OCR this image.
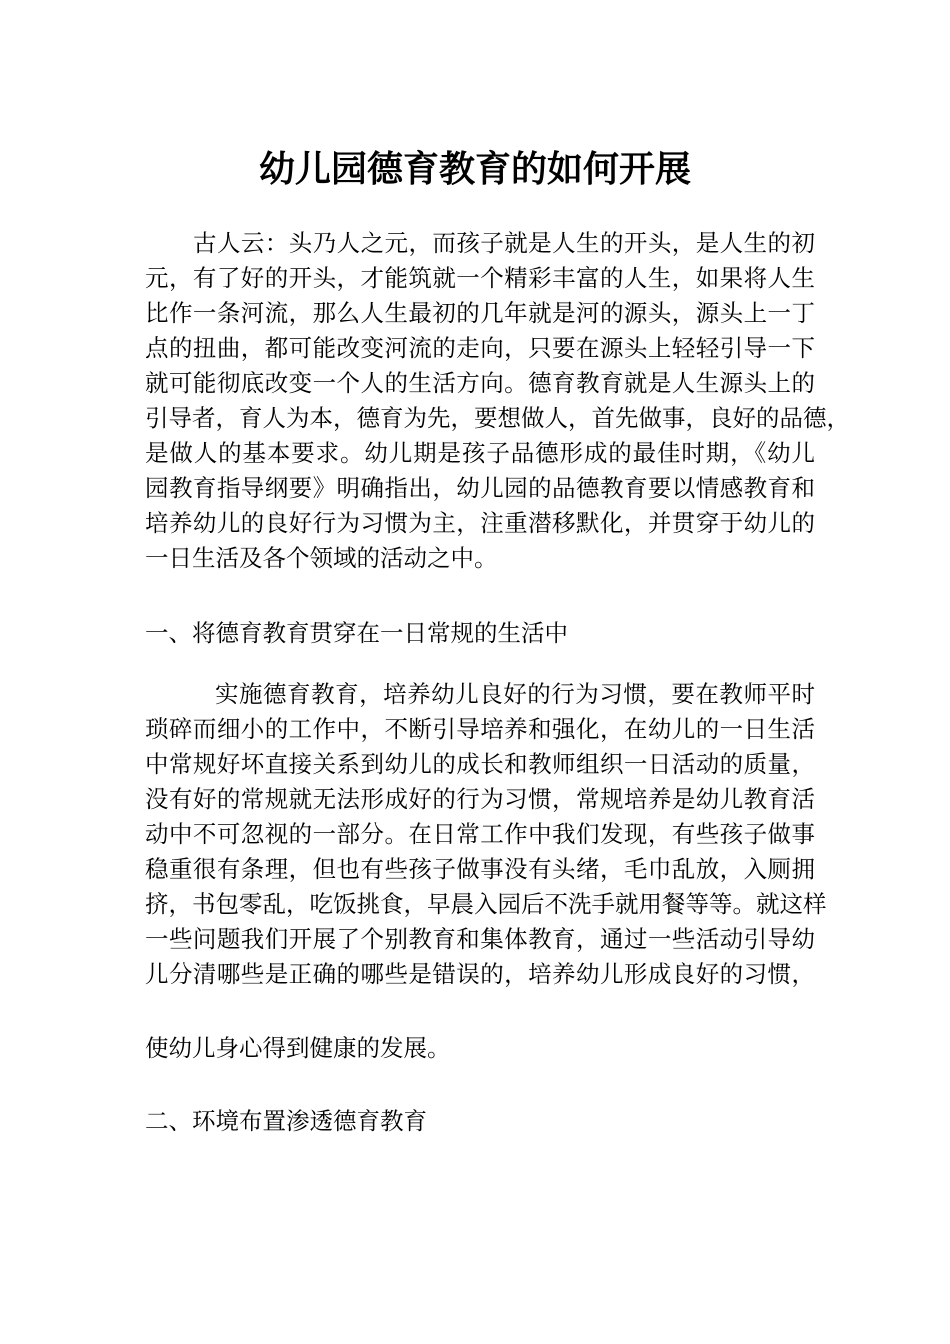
幼儿园德育教育的如何开展
古人云：头乃人之元，而孩子就是人生的开头，是人生的初
元，有了好的开头，才能筑就一个精彩丰富的人生，如果将人生
比作一条河流，那么人生最初的几年就是河的源头，源头上一丁
点的扭曲，都可能改变河流的走向，只要在源头上轻轻引导一下
就可能彻底改变一个人的生活方向。德育教育就是人生源头上的
引导者，育人为本，德育为先，要想做人，首先做事，良好的品德，
是做人的基本要求。幼儿期是孩子品德形成的最佳时期，《幼儿
园教育指导纲要》明确指出，幼儿园的品德教育要以情感教育和
培养幼儿的良好行为习惯为主，注重潜移默化，并贯穿于幼儿的
一日生活及各个领域的活动之中。
一、将德育教育贯穿在一日常规的生活中
实施德育教育，培养幼儿良好的行为习惯，要在教师平时
琐碎而细小的工作中，不断引导培养和强化，在幼儿的一日生活
中常规好坏直接关系到幼儿的成长和教师组织一日活动的质量，
没有好的常规就无法形成好的行为习惯，常规培养是幼儿教育活
动中不可忽视的一部分。在日常工作中我们发现，有些孩子做事
稳重很有条理，但也有些孩子做事没有头绪，毛巾乱放，入厕拥
挤，书包零乱，吃饭挑食，早晨入园后不洗手就用餐等等。就这样
一些问题我们开展了个别教育和集体教育，通过一些活动引导幼
儿分清哪些是正确的哪些是错误的，培养幼儿形成良好的习惯，
使幼儿身心得到健康的发展。
二、环境布置渗透德育教育
